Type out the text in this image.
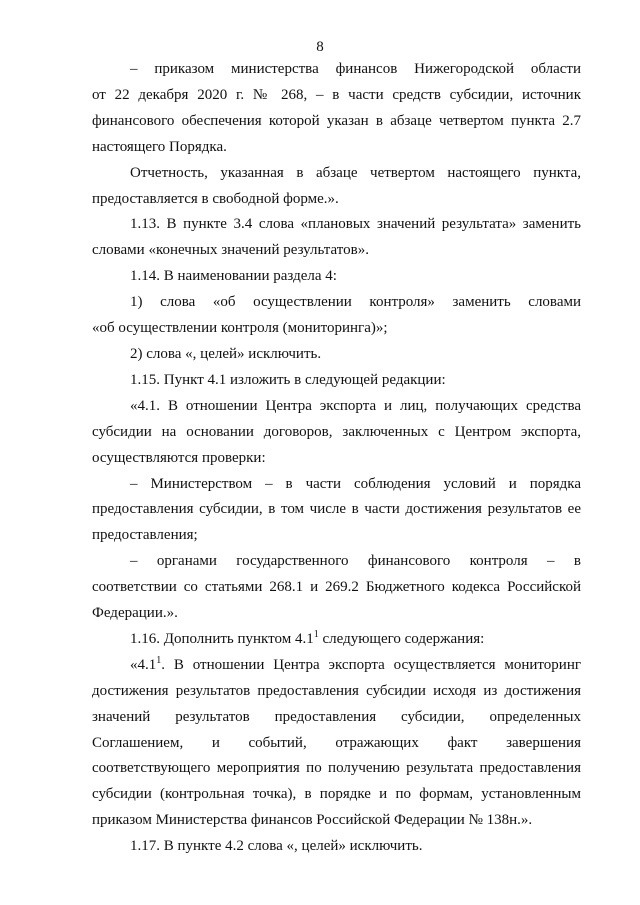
8
– приказом министерства финансов Нижегородской области
от 22 декабря 2020 г. № 268, – в части средств субсидии, источник
финансового обеспечения которой указан в абзаце четвертом пункта 2.7
настоящего Порядка.
Отчетность, указанная в абзаце четвертом настоящего пункта,
предоставляется в свободной форме.».
1.13. В пункте 3.4 слова «плановых значений результата» заменить
словами «конечных значений результатов».
1.14. В наименовании раздела 4:
1) слова «об осуществлении контроля» заменить словами
«об осуществлении контроля (мониторинга)»;
2) слова «, целей» исключить.
1.15. Пункт 4.1 изложить в следующей редакции:
«4.1. В отношении Центра экспорта и лиц, получающих средства
субсидии на основании договоров, заключенных с Центром экспорта,
осуществляются проверки:
– Министерством – в части соблюдения условий и порядка
предоставления субсидии, в том числе в части достижения результатов ее
предоставления;
– органами государственного финансового контроля – в
соответствии со статьями 268.1 и 269.2 Бюджетного кодекса Российской
Федерации.».
1.16. Дополнить пунктом $4.1^1$ следующего содержания:
«$4.1^1$. В отношении Центра экспорта осуществляется мониторинг
достижения результатов предоставления субсидии исходя из достижения
значений результатов предоставления субсидии, определенных
Соглашением, и событий, отражающих факт завершения
соответствующего мероприятия по получению результата предоставления
субсидии (контрольная точка), в порядке и по формам, установленным
приказом Министерства финансов Российской Федерации № 138н.».
1.17. В пункте 4.2 слова «, целей» исключить.
